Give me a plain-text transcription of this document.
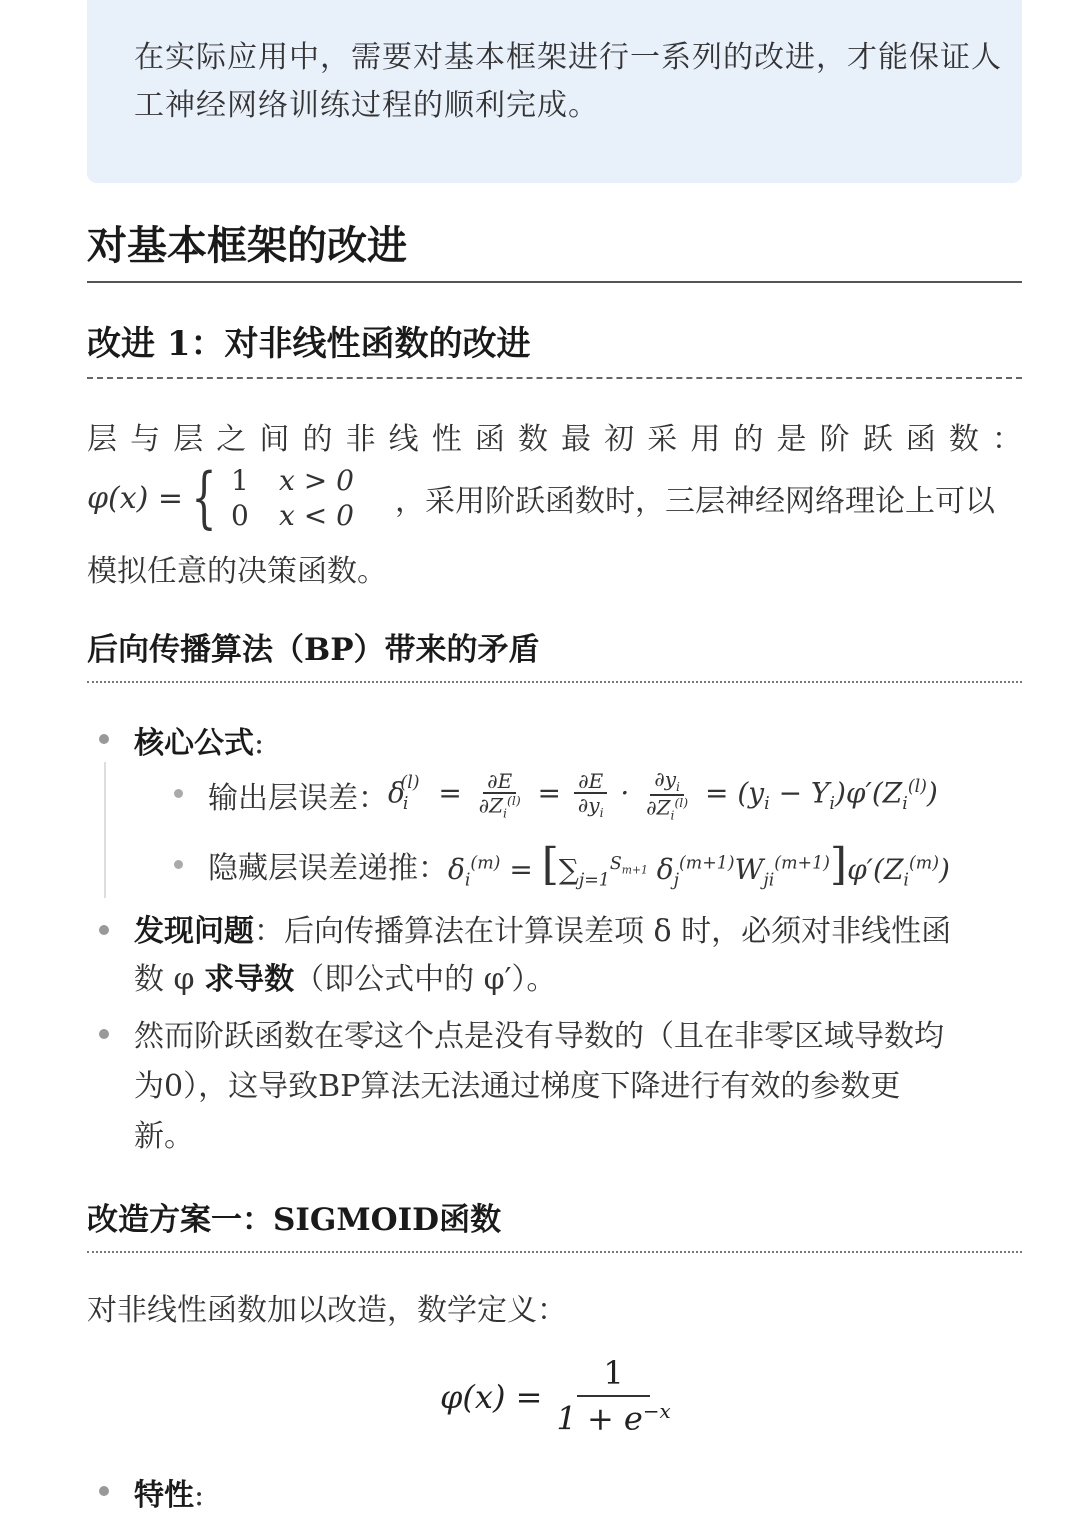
在实际应用中，需要对基本框架进行一系列的改进，才能保证人工神经网络训练过程的顺利完成。

对基本框架的改进
改进 1：对非线性函数的改进
层 与 层 之 间 的 非 线 性 函 数 最 初 采 用 的 是 阶 跃 函 数 ：
φ(x) = { 1	x > 0
0	x < 0	，采用阶跃函数时，三层神经网络理论上可以
模拟任意的决策函数。
后向传播算法（BP）带来的矛盾
核心公式:
输出层误差： $\delta_i^{(l)} = \frac{\partial E}{\partial Z_i^{(l)}} = \frac{\partial E}{\partial y_i} \cdot \frac{\partial y_i}{\partial Z_i^{(l)}} = (y_i - Y_i)\varphi'(Z_i^{(l)})$
隐藏层误差递推： $\delta_i^{(m)} = [\sum_{j=1}^{S_{m+1}}$ $\delta_j^{(m+1)}W_{ji}^{(m+1)}]\varphi'(Z_i^{(m)})$
发现问题：后向传播算法在计算误差项 δ 时，必须对非线性函
数 φ 求导数（即公式中的 φ′）。
然而阶跃函数在零这个点是没有导数的（且在非零区域导数均
为0），这导致BP算法无法通过梯度下降进行有效的参数更
新。
改造方案一：SIGMOID函数
对非线性函数加以改造，数学定义：
$\varphi(x) = \frac{1}{1 + e^{-x}}$
特性:
